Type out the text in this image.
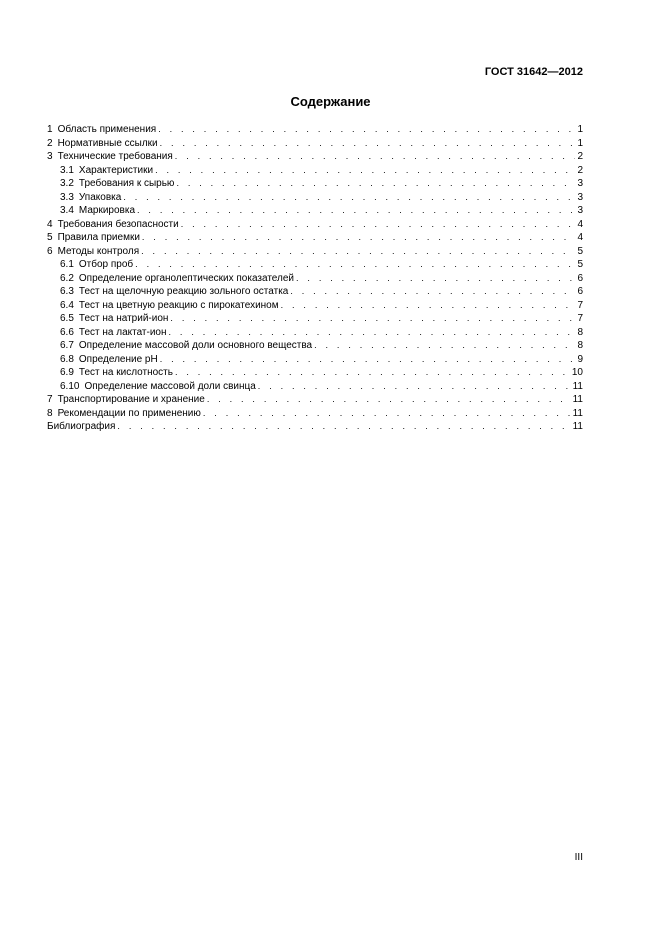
ГОСТ 31642—2012
Содержание
1 Область применения . . .	1
2 Нормативные ссылки . . .	1
3 Технические требования . . .	2
3.1 Характеристики . . .	2
3.2 Требования к сырью . . .	3
3.3 Упаковка . . .	3
3.4 Маркировка . . .	3
4 Требования безопасности . . .	4
5 Правила приемки . . .	4
6 Методы контроля . . .	5
6.1 Отбор проб . . .	5
6.2 Определение органолептических показателей . . .	6
6.3 Тест на щелочную реакцию зольного остатка . . .	6
6.4 Тест на цветную реакцию с пирокатехином . . .	7
6.5 Тест на натрий-ион . . .	7
6.6 Тест на лактат-ион . . .	8
6.7 Определение массовой доли основного вещества . . .	8
6.8 Определение pH . . .	9
6.9 Тест на кислотность . . .	10
6.10 Определение массовой доли свинца . . .	11
7 Транспортирование и хранение . . .	11
8 Рекомендации по применению . . .	11
Библиография . . .	11
III
